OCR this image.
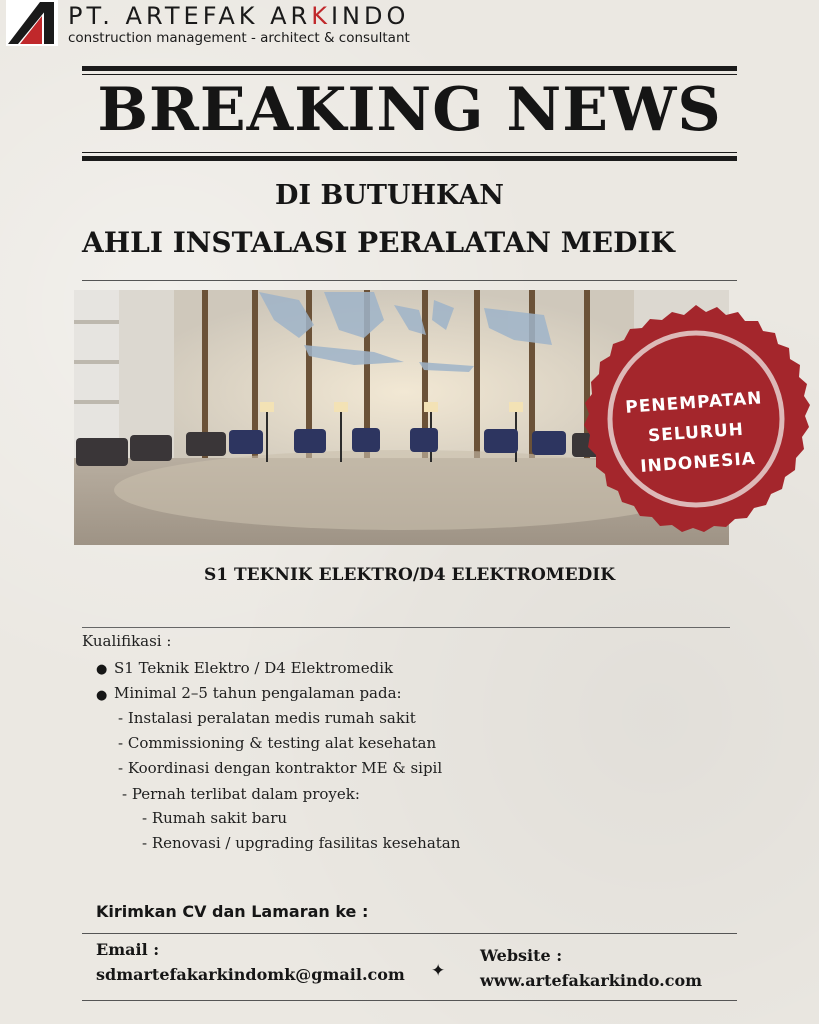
PT. ARTEFAK ARKINDO
construction management - architect & consultant
BREAKING NEWS
DI BUTUHKAN
AHLI INSTALASI PERALATAN MEDIK
PENEMPATAN
SELURUH
INDONESIA
S1 TEKNIK ELEKTRO/D4 ELEKTROMEDIK
Kualifikasi :
● S1 Teknik Elektro / D4 Elektromedik
● Minimal 2–5 tahun pengalaman pada:
- Instalasi peralatan medis rumah sakit
- Commissioning & testing alat kesehatan
- Koordinasi dengan kontraktor ME & sipil
- Pernah terlibat dalam proyek:
- Rumah sakit baru
- Renovasi / upgrading fasilitas kesehatan
Kirimkan CV dan Lamaran ke :
Email :
sdmartefakarkindomk@gmail.com ✦
Website :
www.artefakarkindo.com
